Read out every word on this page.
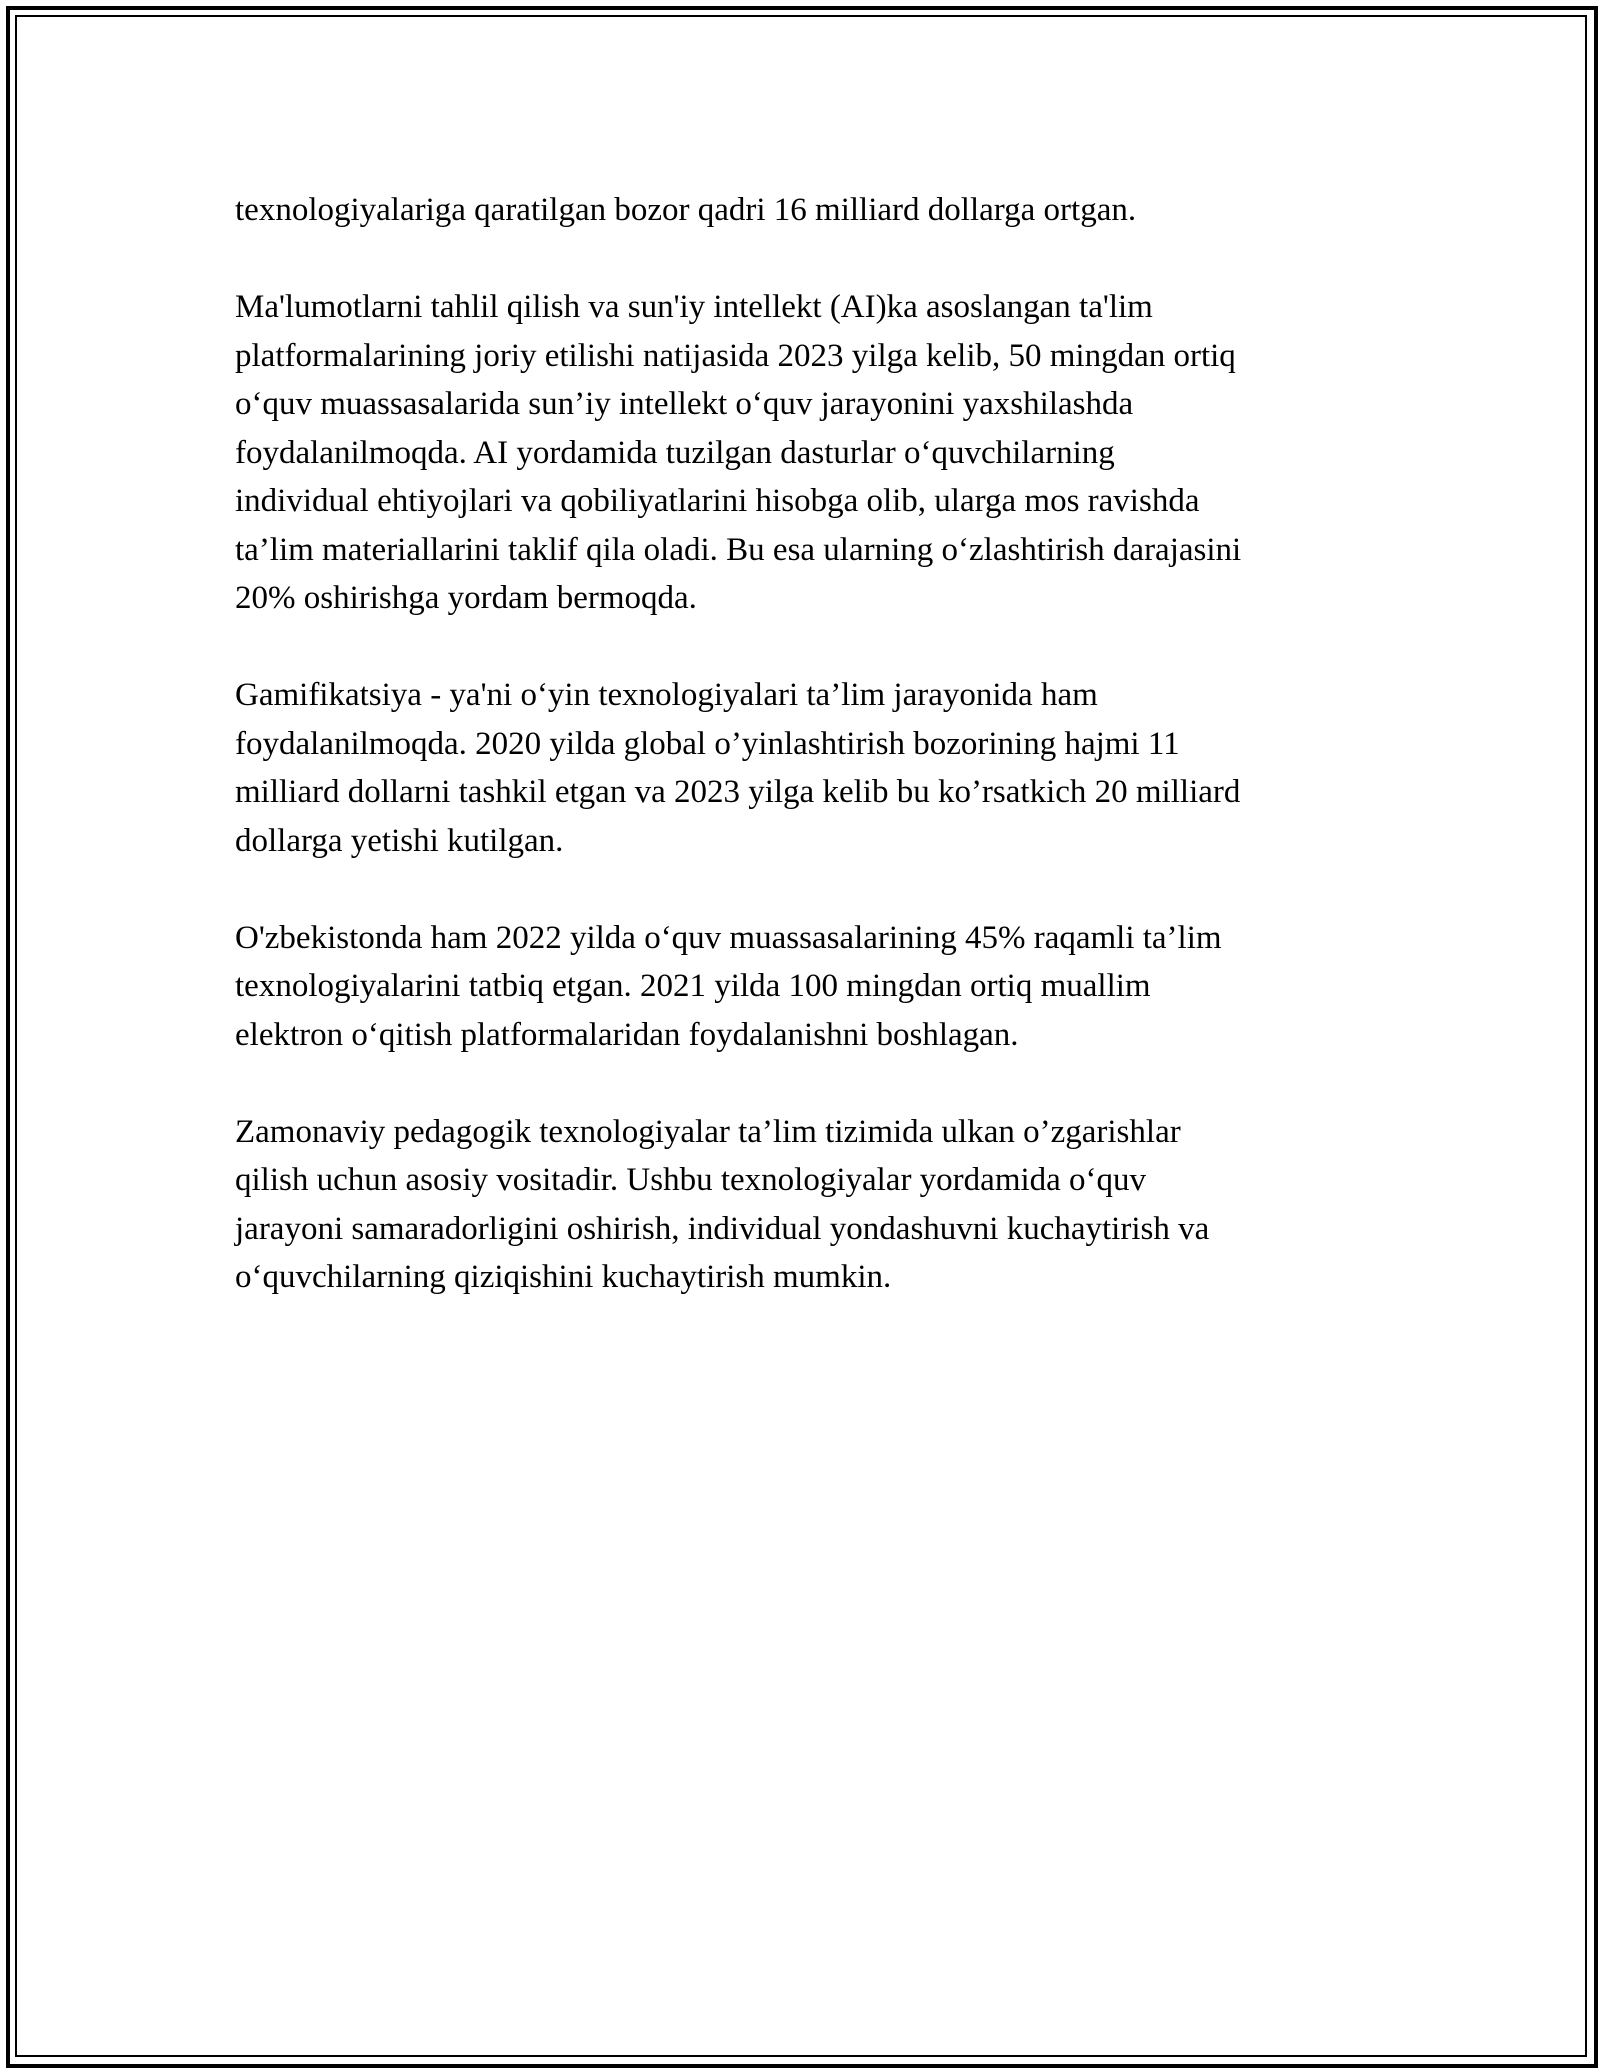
texnologiyalariga qaratilgan bozor qadri 16 milliard dollarga ortgan.

Ma'lumotlarni tahlil qilish va sun'iy intellekt (AI)ka asoslangan ta'lim
platformalarining joriy etilishi natijasida 2023 yilga kelib, 50 mingdan ortiq
o‘quv muassasalarida sun’iy intellekt o‘quv jarayonini yaxshilashda
foydalanilmoqda. AI yordamida tuzilgan dasturlar o‘quvchilarning
individual ehtiyojlari va qobiliyatlarini hisobga olib, ularga mos ravishda
ta’lim materiallarini taklif qila oladi. Bu esa ularning o‘zlashtirish darajasini
20% oshirishga yordam bermoqda.

Gamifikatsiya - ya'ni o‘yin texnologiyalari ta’lim jarayonida ham
foydalanilmoqda. 2020 yilda global o’yinlashtirish bozorining hajmi 11
milliard dollarni tashkil etgan va 2023 yilga kelib bu ko’rsatkich 20 milliard
dollarga yetishi kutilgan.

O'zbekistonda ham 2022 yilda o‘quv muassasalarining 45% raqamli ta’lim
texnologiyalarini tatbiq etgan. 2021 yilda 100 mingdan ortiq muallim
elektron o‘qitish platformalaridan foydalanishni boshlagan.

Zamonaviy pedagogik texnologiyalar ta’lim tizimida ulkan o’zgarishlar
qilish uchun asosiy vositadir. Ushbu texnologiyalar yordamida o‘quv
jarayoni samaradorligini oshirish, individual yondashuvni kuchaytirish va
o‘quvchilarning qiziqishini kuchaytirish mumkin.
